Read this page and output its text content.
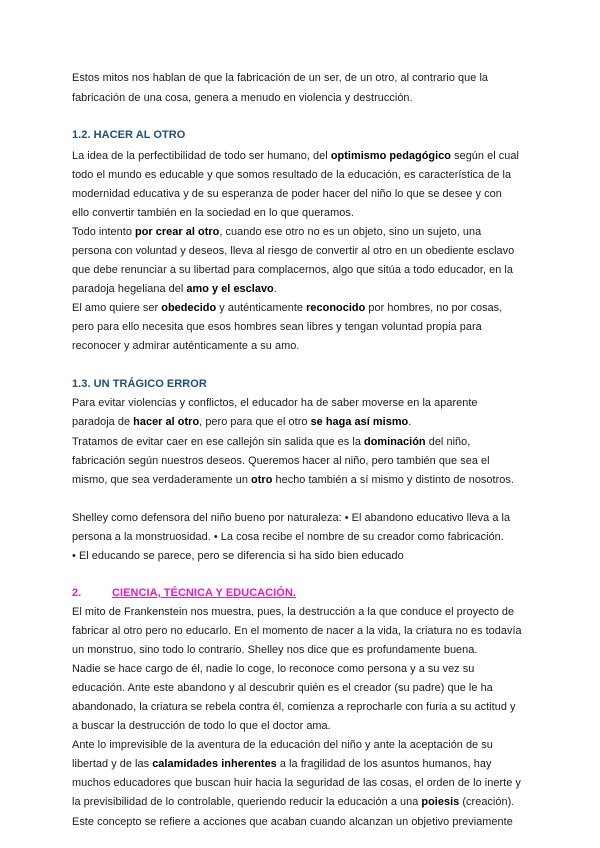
Estos mitos nos hablan de que la fabricación de un ser, de un otro, al contrario que la
fabricación de una cosa, genera a menudo en violencia y destrucción.
1.2. HACER AL OTRO
La idea de la perfectibilidad de todo ser humano, del optimismo pedagógico según el cual
todo el mundo es educable y que somos resultado de la educación, es característica de la
modernidad educativa y de su esperanza de poder hacer del niño lo que se desee y con
ello convertir también en la sociedad en lo que queramos.
Todo intento por crear al otro, cuando ese otro no es un objeto, sino un sujeto, una
persona con voluntad y deseos, lleva al riesgo de convertir al otro en un obediente esclavo
que debe renunciar a su libertad para complacernos, algo que sitúa a todo educador, en la
paradoja hegeliana del amo y el esclavo.
El amo quiere ser obedecido y auténticamente reconocido por hombres, no por cosas,
pero para ello necesita que esos hombres sean libres y tengan voluntad propia para
reconocer y admirar auténticamente a su amo.
1.3. UN TRÁGICO ERROR
Para evitar violencias y conflictos, el educador ha de saber moverse en la aparente
paradoja de hacer al otro, pero para que el otro se haga así mismo.
Tratamos de evitar caer en ese callejón sin salida que es la dominación del niño,
fabricación según nuestros deseos. Queremos hacer al niño, pero también que sea el
mismo, que sea verdaderamente un otro hecho también a sí mismo y distinto de nosotros.
Shelley como defensora del niño bueno por naturaleza: • El abandono educativo lleva a la
persona a la monstruosidad. • La cosa recibe el nombre de su creador como fabricación.
• El educando se parece, pero se diferencia si ha sido bien educado
2.	CIENCIA, TÉCNICA Y EDUCACIÓN.
El mito de Frankenstein nos muestra, pues, la destrucción a la que conduce el proyecto de
fabricar al otro pero no educarlo. En el momento de nacer a la vida, la criatura no es todavía
un monstruo, sino todo lo contrario. Shelley nos dice que es profundamente buena.
Nadie se hace cargo de él, nadie lo coge, lo reconoce como persona y a su vez su
educación. Ante este abandono y al descubrir quién es el creador (su padre) que le ha
abandonado, la criatura se rebela contra él, comienza a reprocharle con furia a su actitud y
a buscar la destrucción de todo lo que el doctor ama.
Ante lo imprevisible de la aventura de la educación del niño y ante la aceptación de su
libertad y de las calamidades inherentes a la fragilidad de los asuntos humanos, hay
muchos educadores que buscan huir hacia la seguridad de las cosas, el orden de lo inerte y
la previsibilidad de lo controlable, queriendo reducir la educación a una poiesis (creación).
Este concepto se refiere a acciones que acaban cuando alcanzan un objetivo previamente
